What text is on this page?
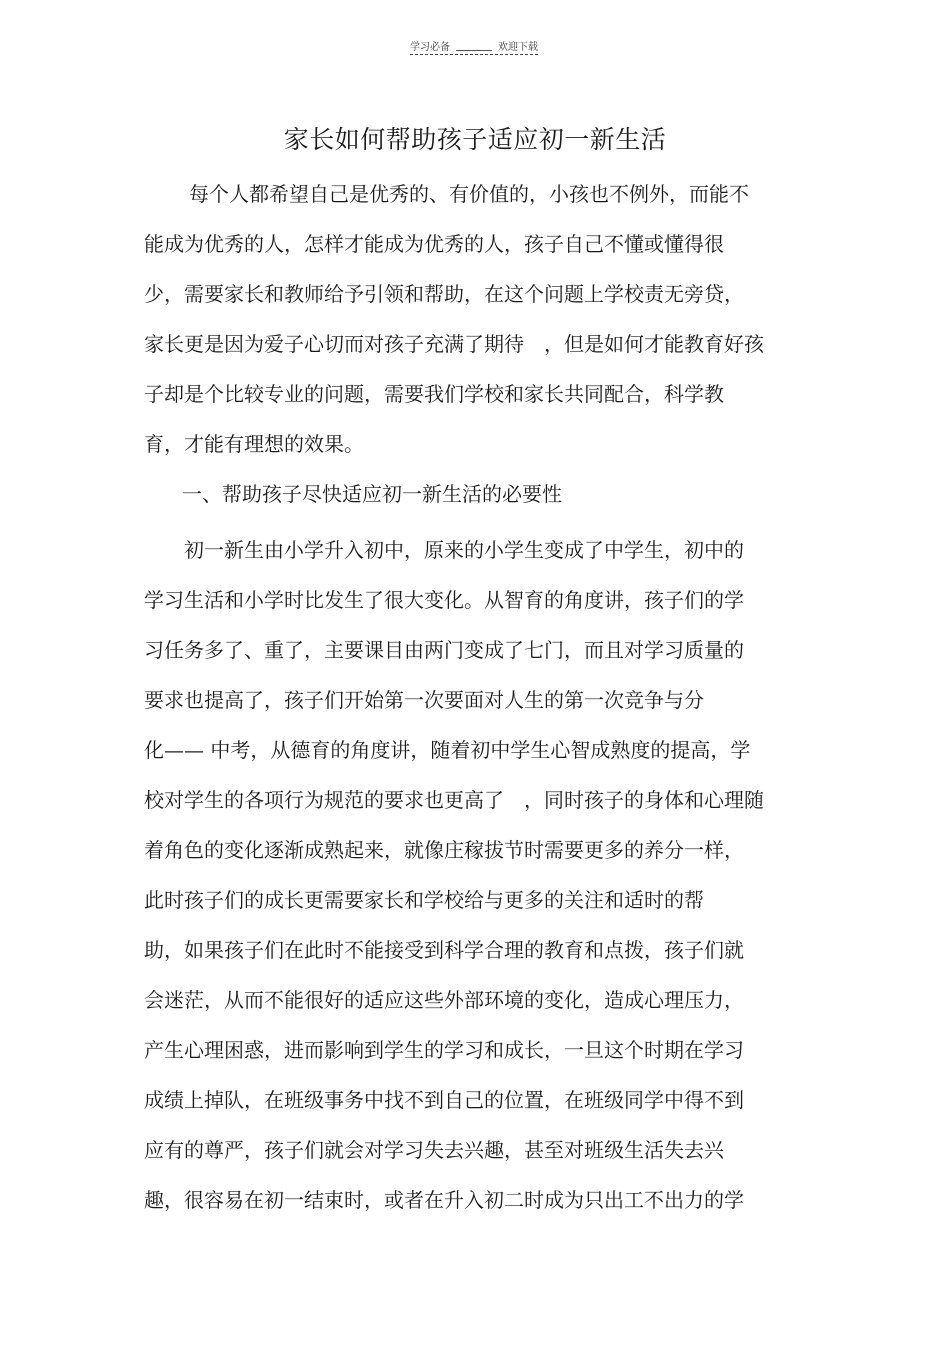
学习必备	欢迎下载
家长如何帮助孩子适应初一新生活
每个人都希望自己是优秀的、有价值的，小孩也不例外，而能不
能成为优秀的人，怎样才能成为优秀的人，孩子自己不懂或懂得很
少，需要家长和教师给予引领和帮助，在这个问题上学校责无旁贷，
家长更是因为爱子心切而对孩子充满了期待　，但是如何才能教育好孩
子却是个比较专业的问题，需要我们学校和家长共同配合，科学教
育，才能有理想的效果。
一、帮助孩子尽快适应初一新生活的必要性
初一新生由小学升入初中，原来的小学生变成了中学生，初中的
学习生活和小学时比发生了很大变化。从智育的角度讲，孩子们的学
习任务多了、重了，主要课目由两门变成了七门，而且对学习质量的
要求也提高了，孩子们开始第一次要面对人生的第一次竞争与分
化—— 中考，从德育的角度讲，随着初中学生心智成熟度的提高，学
校对学生的各项行为规范的要求也更高了　，同时孩子的身体和心理随
着角色的变化逐渐成熟起来，就像庄稼拔节时需要更多的养分一样，
此时孩子们的成长更需要家长和学校给与更多的关注和适时的帮
助，如果孩子们在此时不能接受到科学合理的教育和点拨，孩子们就
会迷茫，从而不能很好的适应这些外部环境的变化，造成心理压力，
产生心理困惑，进而影响到学生的学习和成长，一旦这个时期在学习
成绩上掉队，在班级事务中找不到自己的位置，在班级同学中得不到
应有的尊严，孩子们就会对学习失去兴趣，甚至对班级生活失去兴
趣，很容易在初一结束时，或者在升入初二时成为只出工不出力的学
